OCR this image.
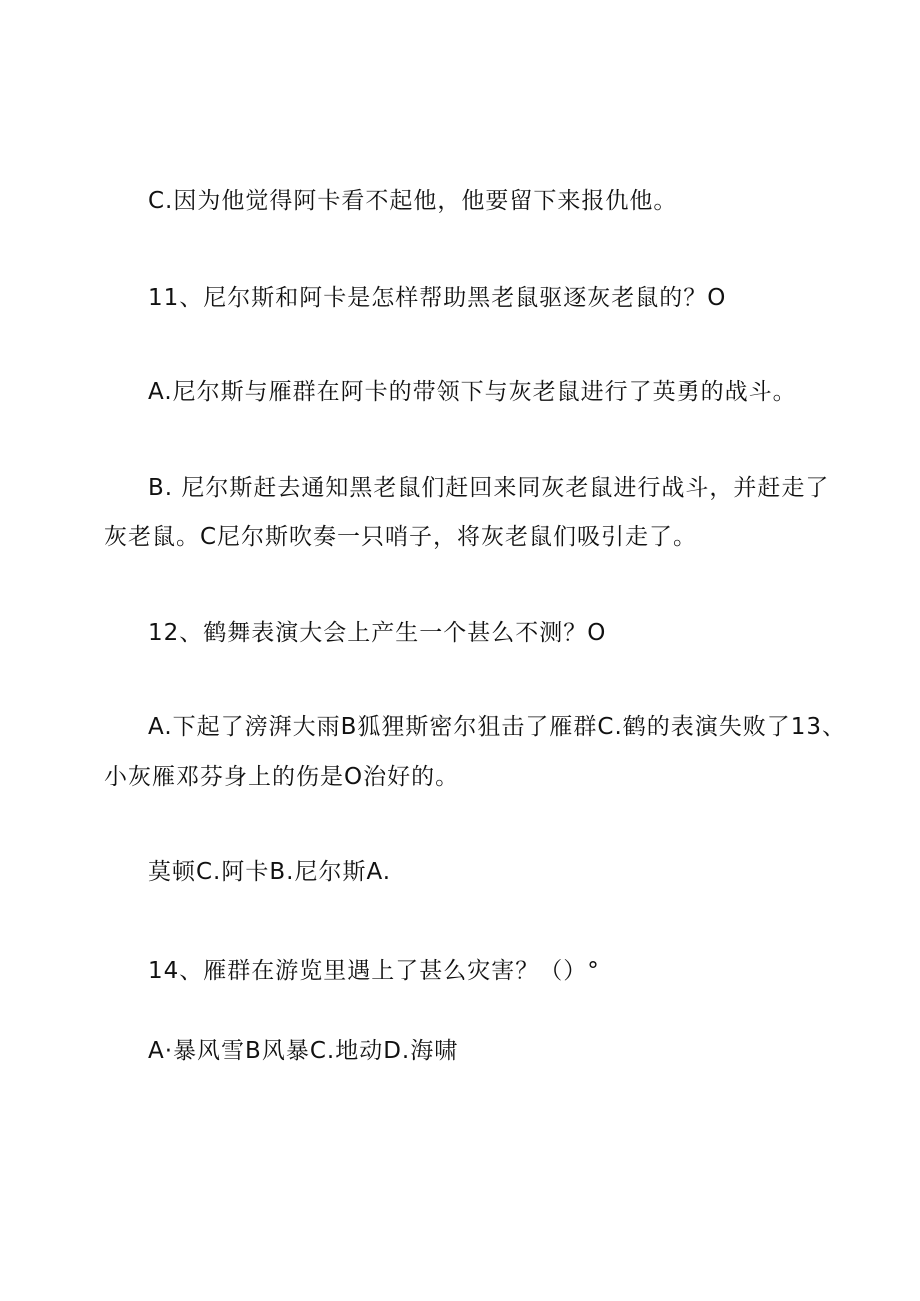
C.因为他觉得阿卡看不起他，他要留下来报仇他。
11、尼尔斯和阿卡是怎样帮助黑老鼠驱逐灰老鼠的？O
A.尼尔斯与雁群在阿卡的带领下与灰老鼠进行了英勇的战斗。
B. 尼尔斯赶去通知黑老鼠们赶回来同灰老鼠进行战斗，并赶走了
灰老鼠。C尼尔斯吹奏一只哨子，将灰老鼠们吸引走了。
12、鹤舞表演大会上产生一个甚么不测？O
A.下起了滂湃大雨B狐狸斯密尔狙击了雁群C.鹤的表演失败了13、
小灰雁邓芬身上的伤是O治好的。
莫顿C.阿卡B.尼尔斯A.
14、雁群在游览里遇上了甚么灾害？（）°
A·暴风雪B风暴C.地动D.海啸
